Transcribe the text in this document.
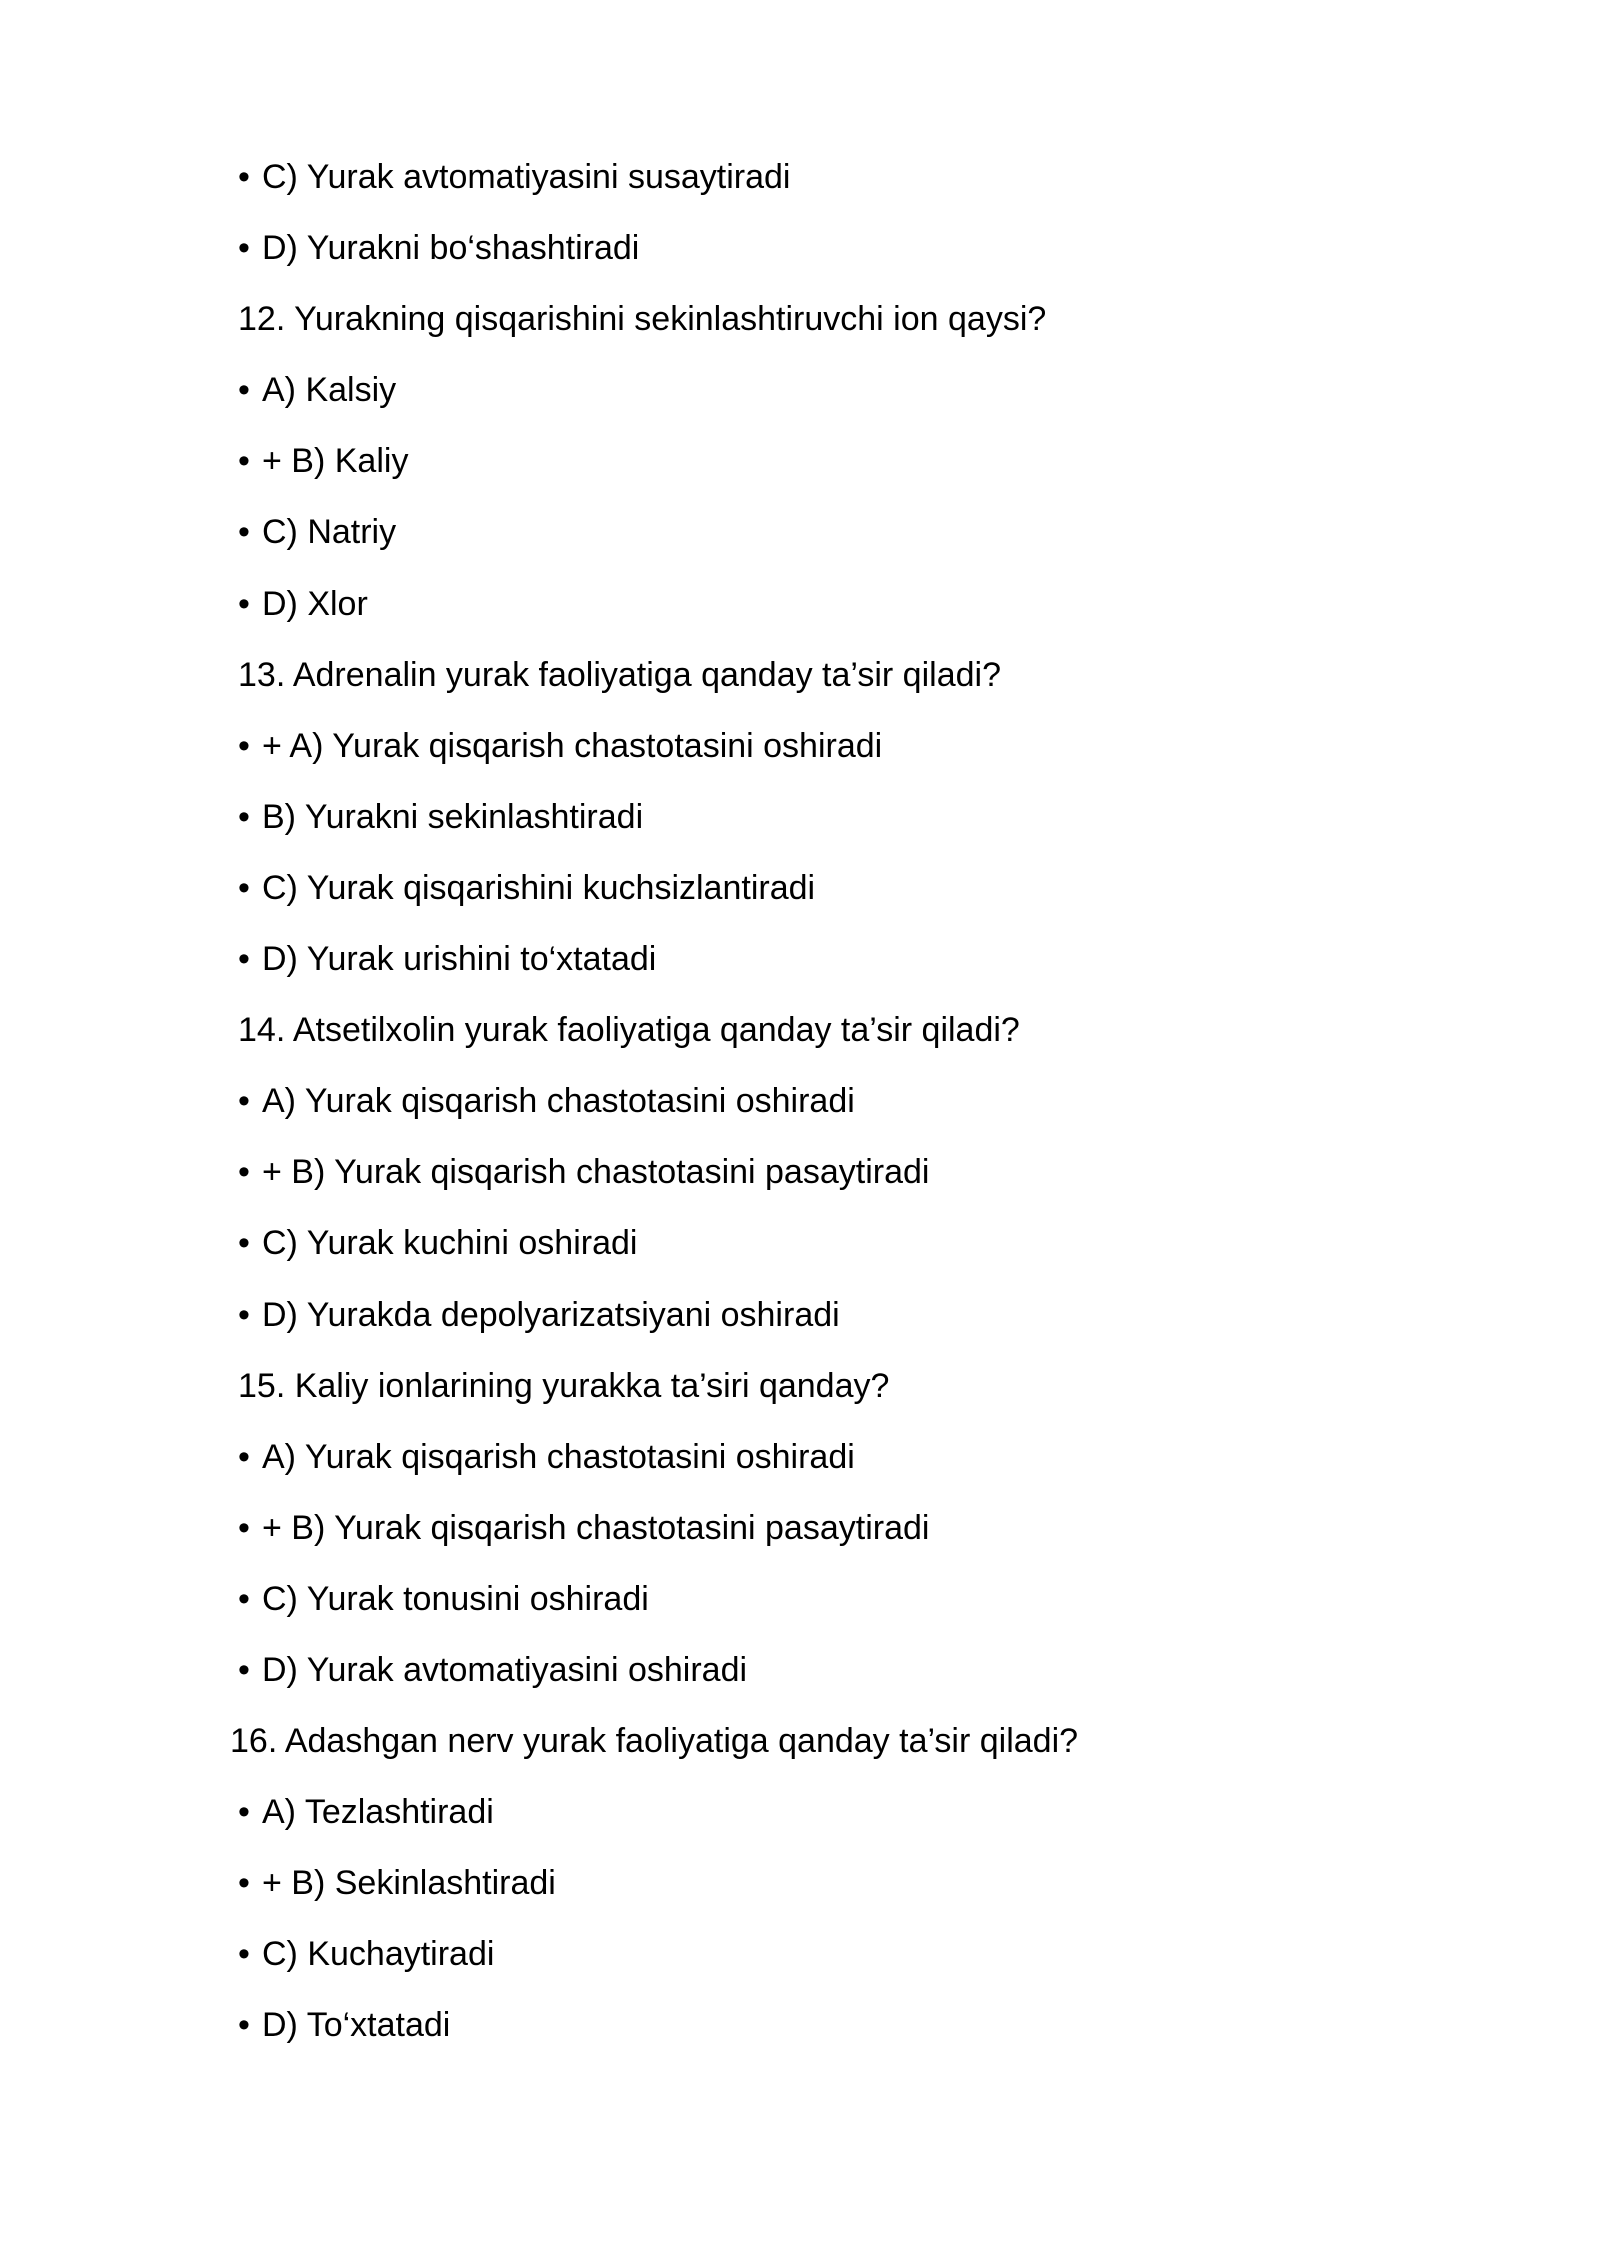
• C) Yurak avtomatiyasini susaytiradi
• D) Yurakni bo‘shashtiradi
12. Yurakning qisqarishini sekinlashtiruvchi ion qaysi?
• A) Kalsiy
• + B) Kaliy
• C) Natriy
• D) Xlor
13. Adrenalin yurak faoliyatiga qanday ta’sir qiladi?
• + A) Yurak qisqarish chastotasini oshiradi
• B) Yurakni sekinlashtiradi
• C) Yurak qisqarishini kuchsizlantiradi
• D) Yurak urishini to‘xtatadi
14. Atsetilxolin yurak faoliyatiga qanday ta’sir qiladi?
• A) Yurak qisqarish chastotasini oshiradi
• + B) Yurak qisqarish chastotasini pasaytiradi
• C) Yurak kuchini oshiradi
• D) Yurakda depolyarizatsiyani oshiradi
15. Kaliy ionlarining yurakka ta’siri qanday?
• A) Yurak qisqarish chastotasini oshiradi
• + B) Yurak qisqarish chastotasini pasaytiradi
• C) Yurak tonusini oshiradi
• D) Yurak avtomatiyasini oshiradi
16. Adashgan nerv yurak faoliyatiga qanday ta’sir qiladi?
• A) Tezlashtiradi
• + B) Sekinlashtiradi
• C) Kuchaytiradi
• D) To‘xtatadi
